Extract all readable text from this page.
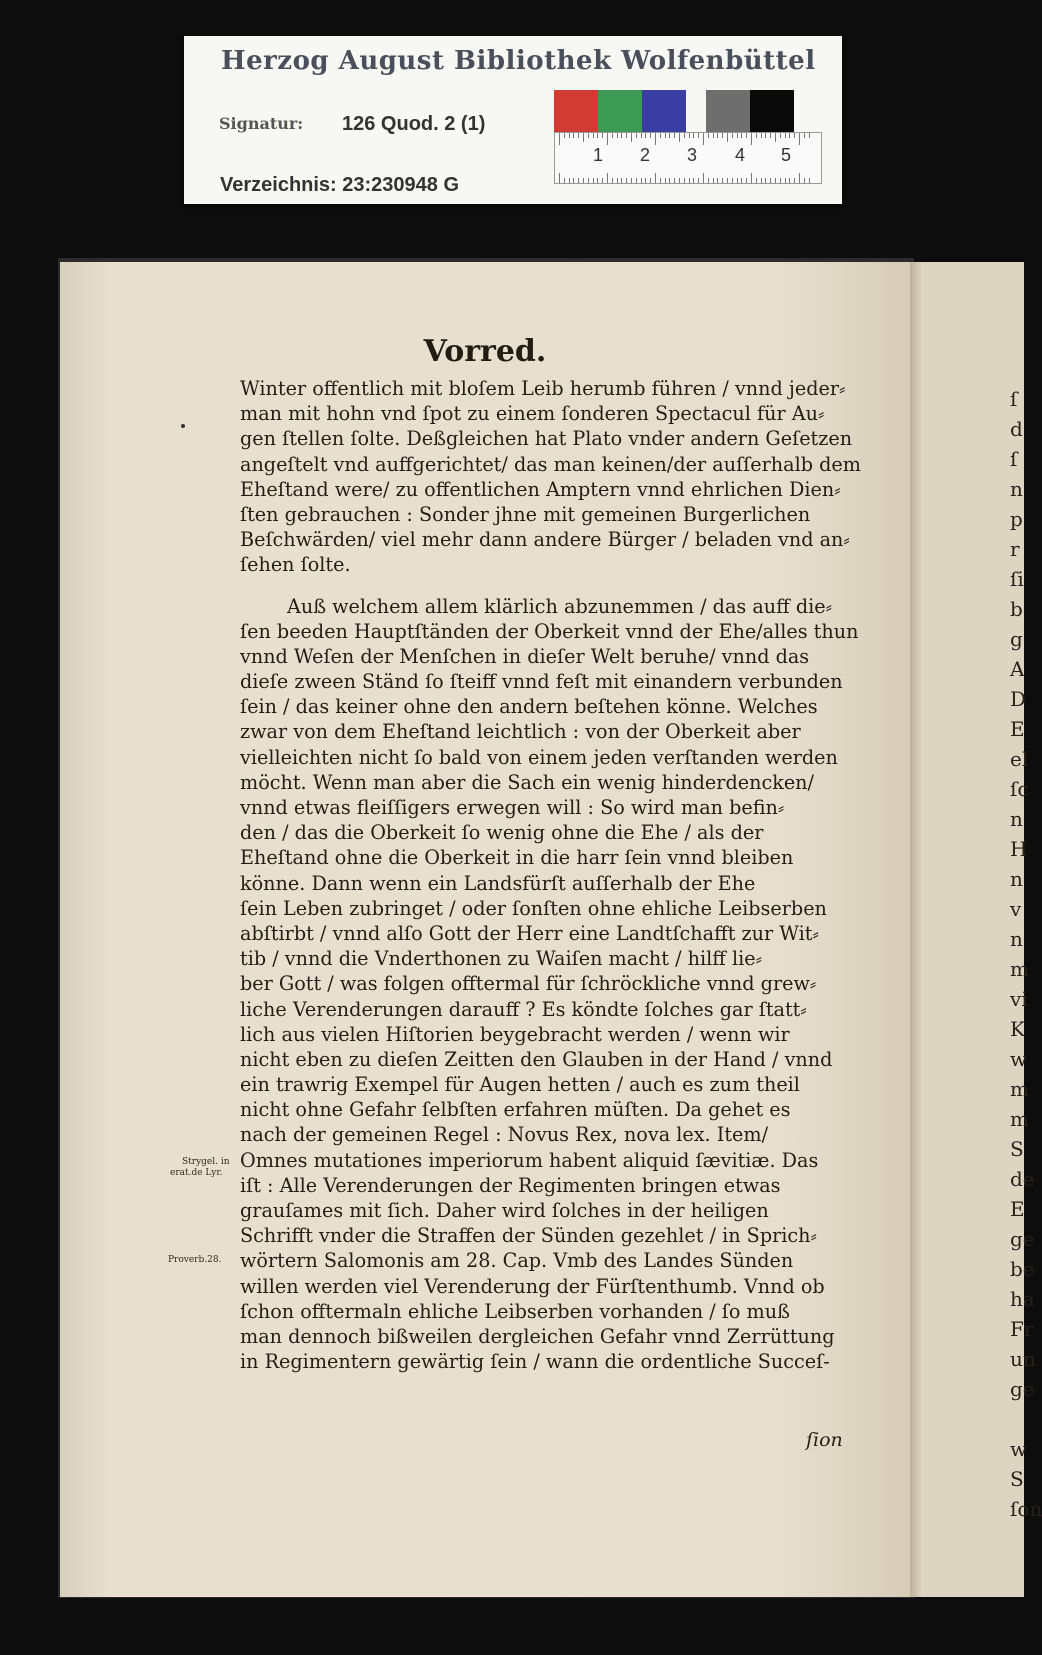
Herzog August Bibliothek Wolfenbüttel
Signatur: 126 Quod. 2 (1)
Verzeichnis: 23:230948 G
1 2 3 4 5
Vorred.
Winter offentlich mit bloſem Leib herumb führen / vnnd jeder⸗
man mit hohn vnd ſpot zu einem ſonderen Spectacul für Au⸗
gen ſtellen ſolte. Deßgleichen hat Plato vnder andern Geſetzen
angeſtelt vnd auffgerichtet/ das man keinen/der auſſerhalb dem
Eheſtand were/ zu offentlichen Amptern vnnd ehrlichen Dien⸗
ſten gebrauchen : Sonder jhne mit gemeinen Burgerlichen
Beſchwärden/ viel mehr dann andere Bürger / beladen vnd an⸗
ſehen ſolte.
Auß welchem allem klärlich abzunemmen / das auff die⸗
ſen beeden Hauptſtänden der Oberkeit vnnd der Ehe/alles thun
vnnd Weſen der Menſchen in dieſer Welt beruhe/ vnnd das
dieſe zween Ständ ſo ſteiff vnnd feſt mit einandern verbunden
ſein / das keiner ohne den andern beſtehen könne. Welches
zwar von dem Eheſtand leichtlich : von der Oberkeit aber
vielleichten nicht ſo bald von einem jeden verſtanden werden
möcht. Wenn man aber die Sach ein wenig hinderdencken/
vnnd etwas fleiſſigers erwegen will : So wird man befin⸗
den / das die Oberkeit ſo wenig ohne die Ehe / als der
Eheſtand ohne die Oberkeit in die harr ſein vnnd bleiben
könne. Dann wenn ein Landsfürſt auſſerhalb der Ehe
ſein Leben zubringet / oder ſonſten ohne ehliche Leibserben
abſtirbt / vnnd alſo Gott der Herr eine Landtſchafft zur Wit⸗
tib / vnnd die Vnderthonen zu Waiſen macht / hilff lie⸗
ber Gott / was folgen offtermal für ſchröckliche vnnd grew⸗
liche Verenderungen darauff ? Es köndte ſolches gar ſtatt⸗
lich aus vielen Hiſtorien beygebracht werden / wenn wir
nicht eben zu dieſen Zeitten den Glauben in der Hand / vnnd
ein trawrig Exempel für Augen hetten / auch es zum theil
nicht ohne Gefahr ſelbſten erfahren müſten. Da gehet es
nach der gemeinen Regel : Novus Rex, nova lex. Item/
Omnes mutationes imperiorum habent aliquid ſævitiæ. Das
iſt : Alle Verenderungen der Regimenten bringen etwas
grauſames mit ſich. Daher wird ſolches in der heiligen
Schrifft vnder die Straffen der Sünden gezehlet / in Sprich⸗
wörtern Salomonis am 28. Cap. Vmb des Landes Sünden
willen werden viel Verenderung der Fürſtenthumb. Vnnd ob
ſchon offtermaln ehliche Leibserben vorhanden / ſo muß
man dennoch bißweilen dergleichen Gefahr vnnd Zerrüttung
in Regimentern gewärtig ſein / wann die ordentliche Succeſ-
ſion
Strygel. in
erat.de Lyr.
Proverb.28.
ſ
d
ſ
n
p
r
ſi
b
g
A
D
E
el
ſc
n
H
n
v
n
m
vi
K
w
m
m
S
de
E
ge
be
ha
Fr
un
ge
w
S
ſon
